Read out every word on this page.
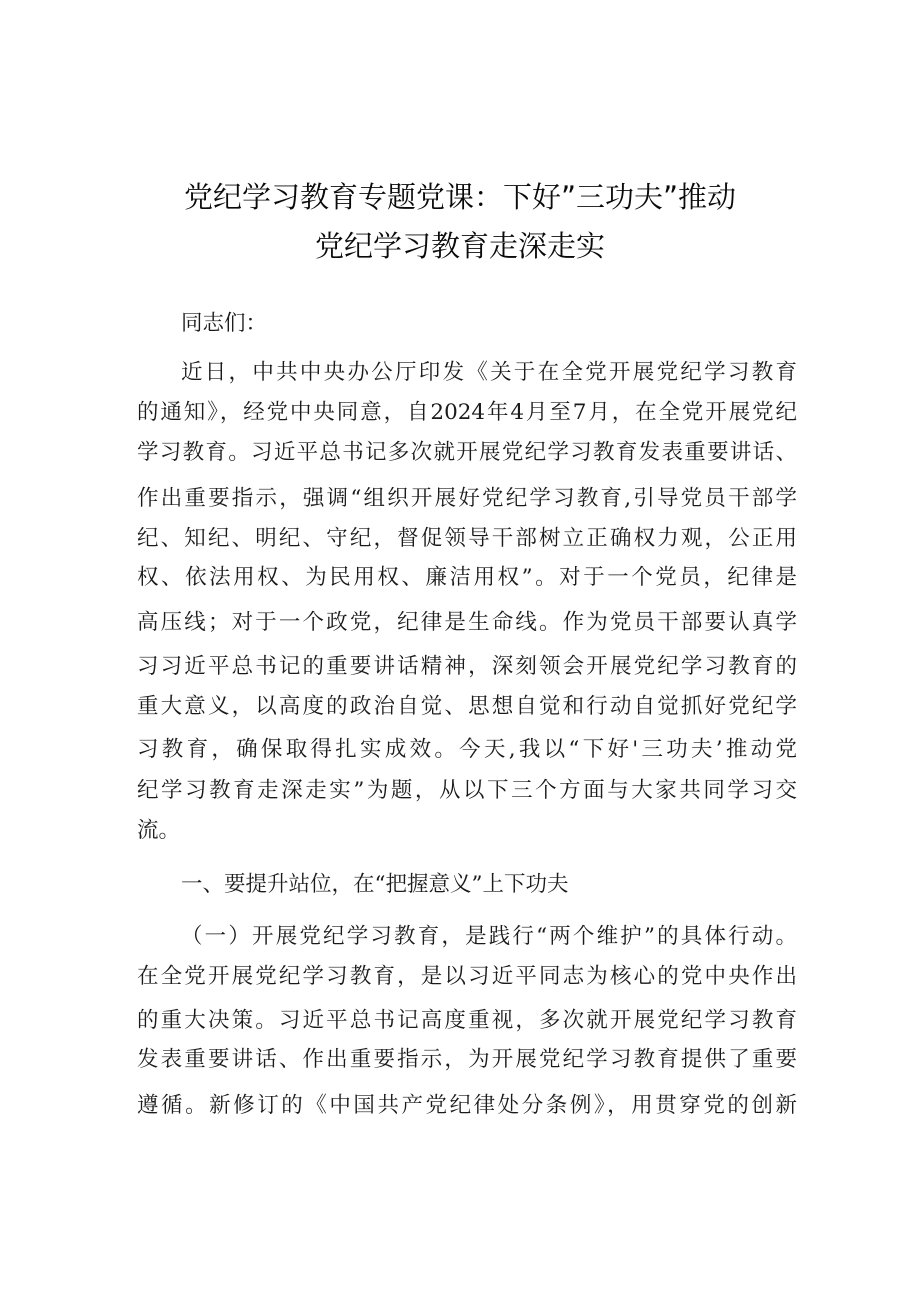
党纪学习教育专题党课：下好”三功夫”推动
党纪学习教育走深走实
同志们：
近日，中共中央办公厅印发《关于在全党开展党纪学习教育
的通知》，经党中央同意，自2024年4月至7月，在全党开展党纪
学习教育。习近平总书记多次就开展党纪学习教育发表重要讲话、
作出重要指示，强调“组织开展好党纪学习教育,引导党员干部学
纪、知纪、明纪、守纪，督促领导干部树立正确权力观，公正用
权、依法用权、为民用权、廉洁用权”。对于一个党员，纪律是
高压线；对于一个政党，纪律是生命线。作为党员干部要认真学
习习近平总书记的重要讲话精神，深刻领会开展党纪学习教育的
重大意义，以高度的政治自觉、思想自觉和行动自觉抓好党纪学
习教育，确保取得扎实成效。今天,我以“下好'三功夫’推动党
纪学习教育走深走实”为题，从以下三个方面与大家共同学习交
流。
一、要提升站位，在“把握意义”上下功夫
（一）开展党纪学习教育，是践行“两个维护”的具体行动。
在全党开展党纪学习教育，是以习近平同志为核心的党中央作出
的重大决策。习近平总书记高度重视，多次就开展党纪学习教育
发表重要讲话、作出重要指示，为开展党纪学习教育提供了重要
遵循。新修订的《中国共产党纪律处分条例》，用贯穿党的创新
